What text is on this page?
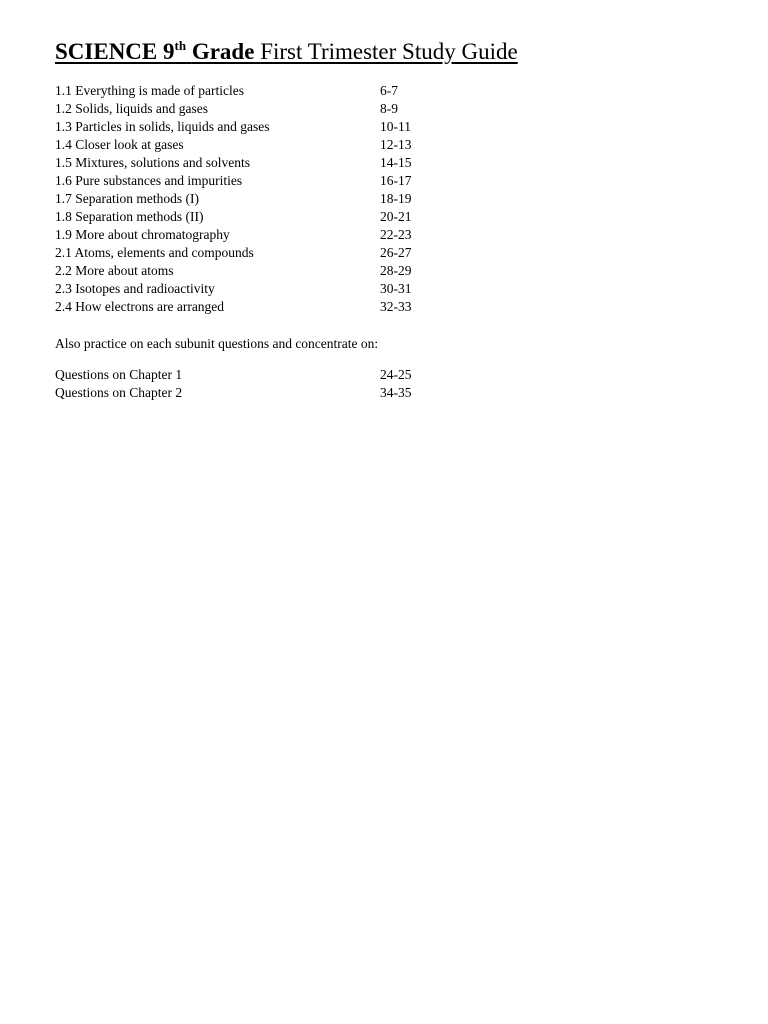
SCIENCE 9th Grade First Trimester Study Guide
1.1 Everything is made of particles	6-7
1.2 Solids, liquids and gases	8-9
1.3 Particles in solids, liquids and gases	10-11
1.4 Closer look at gases	12-13
1.5 Mixtures, solutions and solvents	14-15
1.6 Pure substances and impurities	16-17
1.7 Separation methods (I)	18-19
1.8 Separation methods (II)	20-21
1.9 More about chromatography	22-23
2.1 Atoms, elements and compounds	26-27
2.2 More about atoms	28-29
2.3 Isotopes and radioactivity	30-31
2.4 How electrons are arranged	32-33
Also practice on each subunit questions and concentrate on:
Questions on Chapter 1	24-25
Questions on Chapter 2	34-35
